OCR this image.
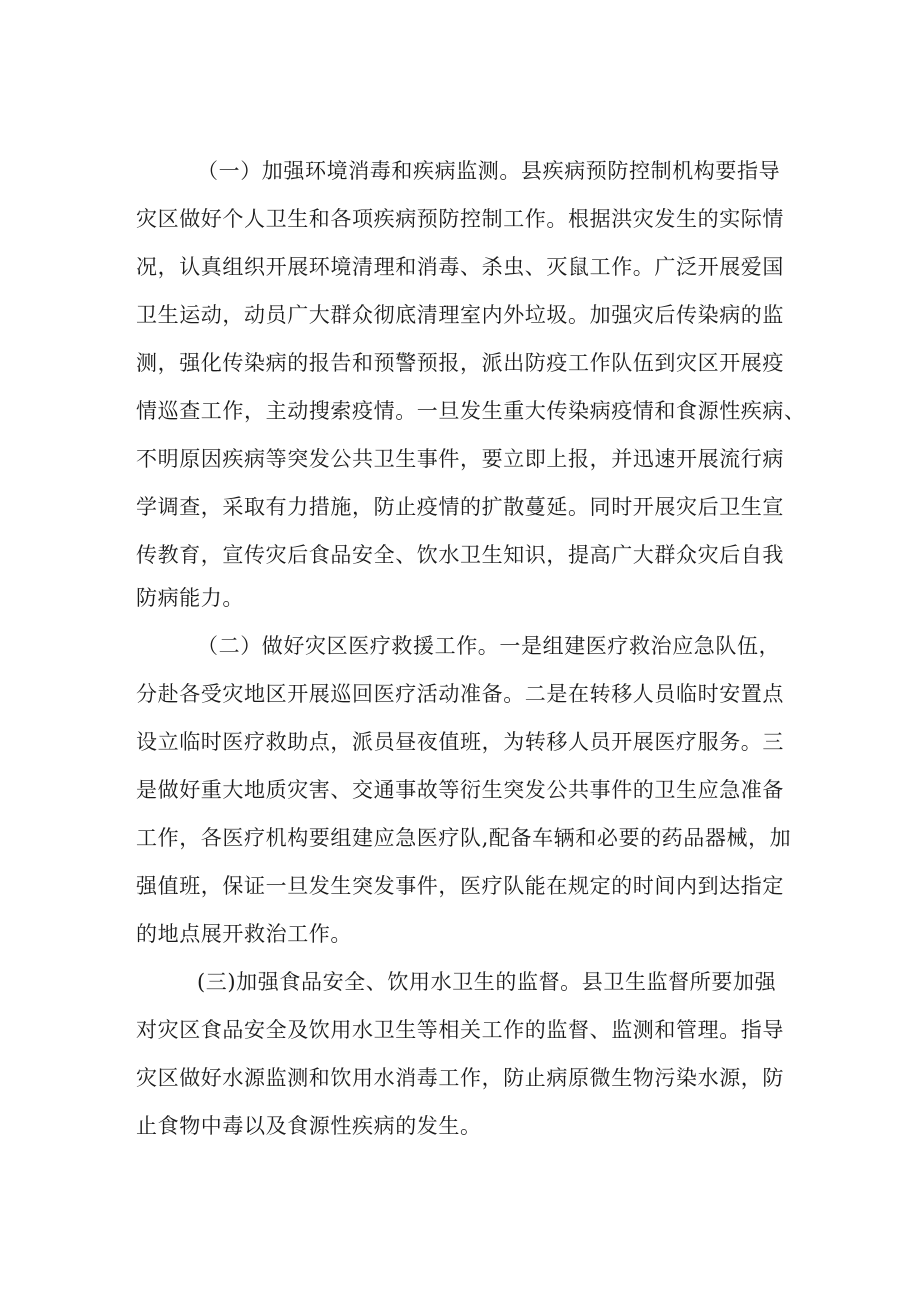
（一）加强环境消毒和疾病监测。县疾病预防控制机构要指导
灾区做好个人卫生和各项疾病预防控制工作。根据洪灾发生的实际情
况，认真组织开展环境清理和消毒、杀虫、灭鼠工作。广泛开展爱国
卫生运动，动员广大群众彻底清理室内外垃圾。加强灾后传染病的监
测，强化传染病的报告和预警预报，派出防疫工作队伍到灾区开展疫
情巡查工作，主动搜索疫情。一旦发生重大传染病疫情和食源性疾病、
不明原因疾病等突发公共卫生事件，要立即上报，并迅速开展流行病
学调查，采取有力措施，防止疫情的扩散蔓延。同时开展灾后卫生宣
传教育，宣传灾后食品安全、饮水卫生知识，提高广大群众灾后自我
防病能力。
（二）做好灾区医疗救援工作。一是组建医疗救治应急队伍，
分赴各受灾地区开展巡回医疗活动准备。二是在转移人员临时安置点
设立临时医疗救助点，派员昼夜值班，为转移人员开展医疗服务。三
是做好重大地质灾害、交通事故等衍生突发公共事件的卫生应急准备
工作，各医疗机构要组建应急医疗队,配备车辆和必要的药品器械，加
强值班，保证一旦发生突发事件，医疗队能在规定的时间内到达指定
的地点展开救治工作。
(三)加强食品安全、饮用水卫生的监督。县卫生监督所要加强
对灾区食品安全及饮用水卫生等相关工作的监督、监测和管理。指导
灾区做好水源监测和饮用水消毒工作，防止病原微生物污染水源，防
止食物中毒以及食源性疾病的发生。
